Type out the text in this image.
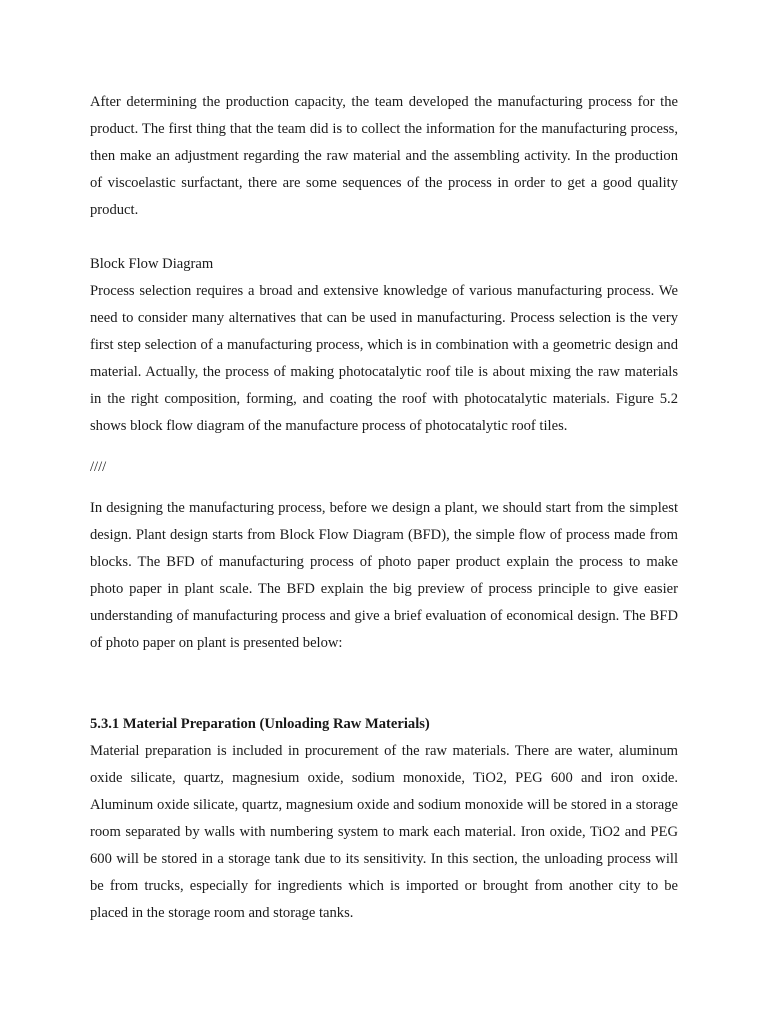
After determining the production capacity, the team developed the manufacturing process for the product. The first thing that the team did is to collect the information for the manufacturing process, then make an adjustment regarding the raw material and the assembling activity. In the production of viscoelastic surfactant, there are some sequences of the process in order to get a good quality product.

Block Flow Diagram

Process selection requires a broad and extensive knowledge of various manufacturing process. We need to consider many alternatives that can be used in manufacturing. Process selection is the very first step selection of a manufacturing process, which is in combination with a geometric design and material. Actually, the process of making photocatalytic roof tile is about mixing the raw materials in the right composition, forming, and coating the roof with photocatalytic materials. Figure 5.2 shows block flow diagram of the manufacture process of photocatalytic roof tiles.

////

In designing the manufacturing process, before we design a plant, we should start from the simplest design. Plant design starts from Block Flow Diagram (BFD), the simple flow of process made from blocks. The BFD of manufacturing process of photo paper product explain the process to make photo paper in plant scale. The BFD explain the big preview of process principle to give easier understanding of manufacturing process and give a brief evaluation of economical design. The BFD of photo paper on plant is presented below:

5.3.1 Material Preparation (Unloading Raw Materials)

Material preparation is included in procurement of the raw materials. There are water, aluminum oxide silicate, quartz, magnesium oxide, sodium monoxide, TiO2, PEG 600 and iron oxide. Aluminum oxide silicate, quartz, magnesium oxide and sodium monoxide will be stored in a storage room separated by walls with numbering system to mark each material. Iron oxide, TiO2 and PEG 600 will be stored in a storage tank due to its sensitivity. In this section, the unloading process will be from trucks, especially for ingredients which is imported or brought from another city to be placed in the storage room and storage tanks.
